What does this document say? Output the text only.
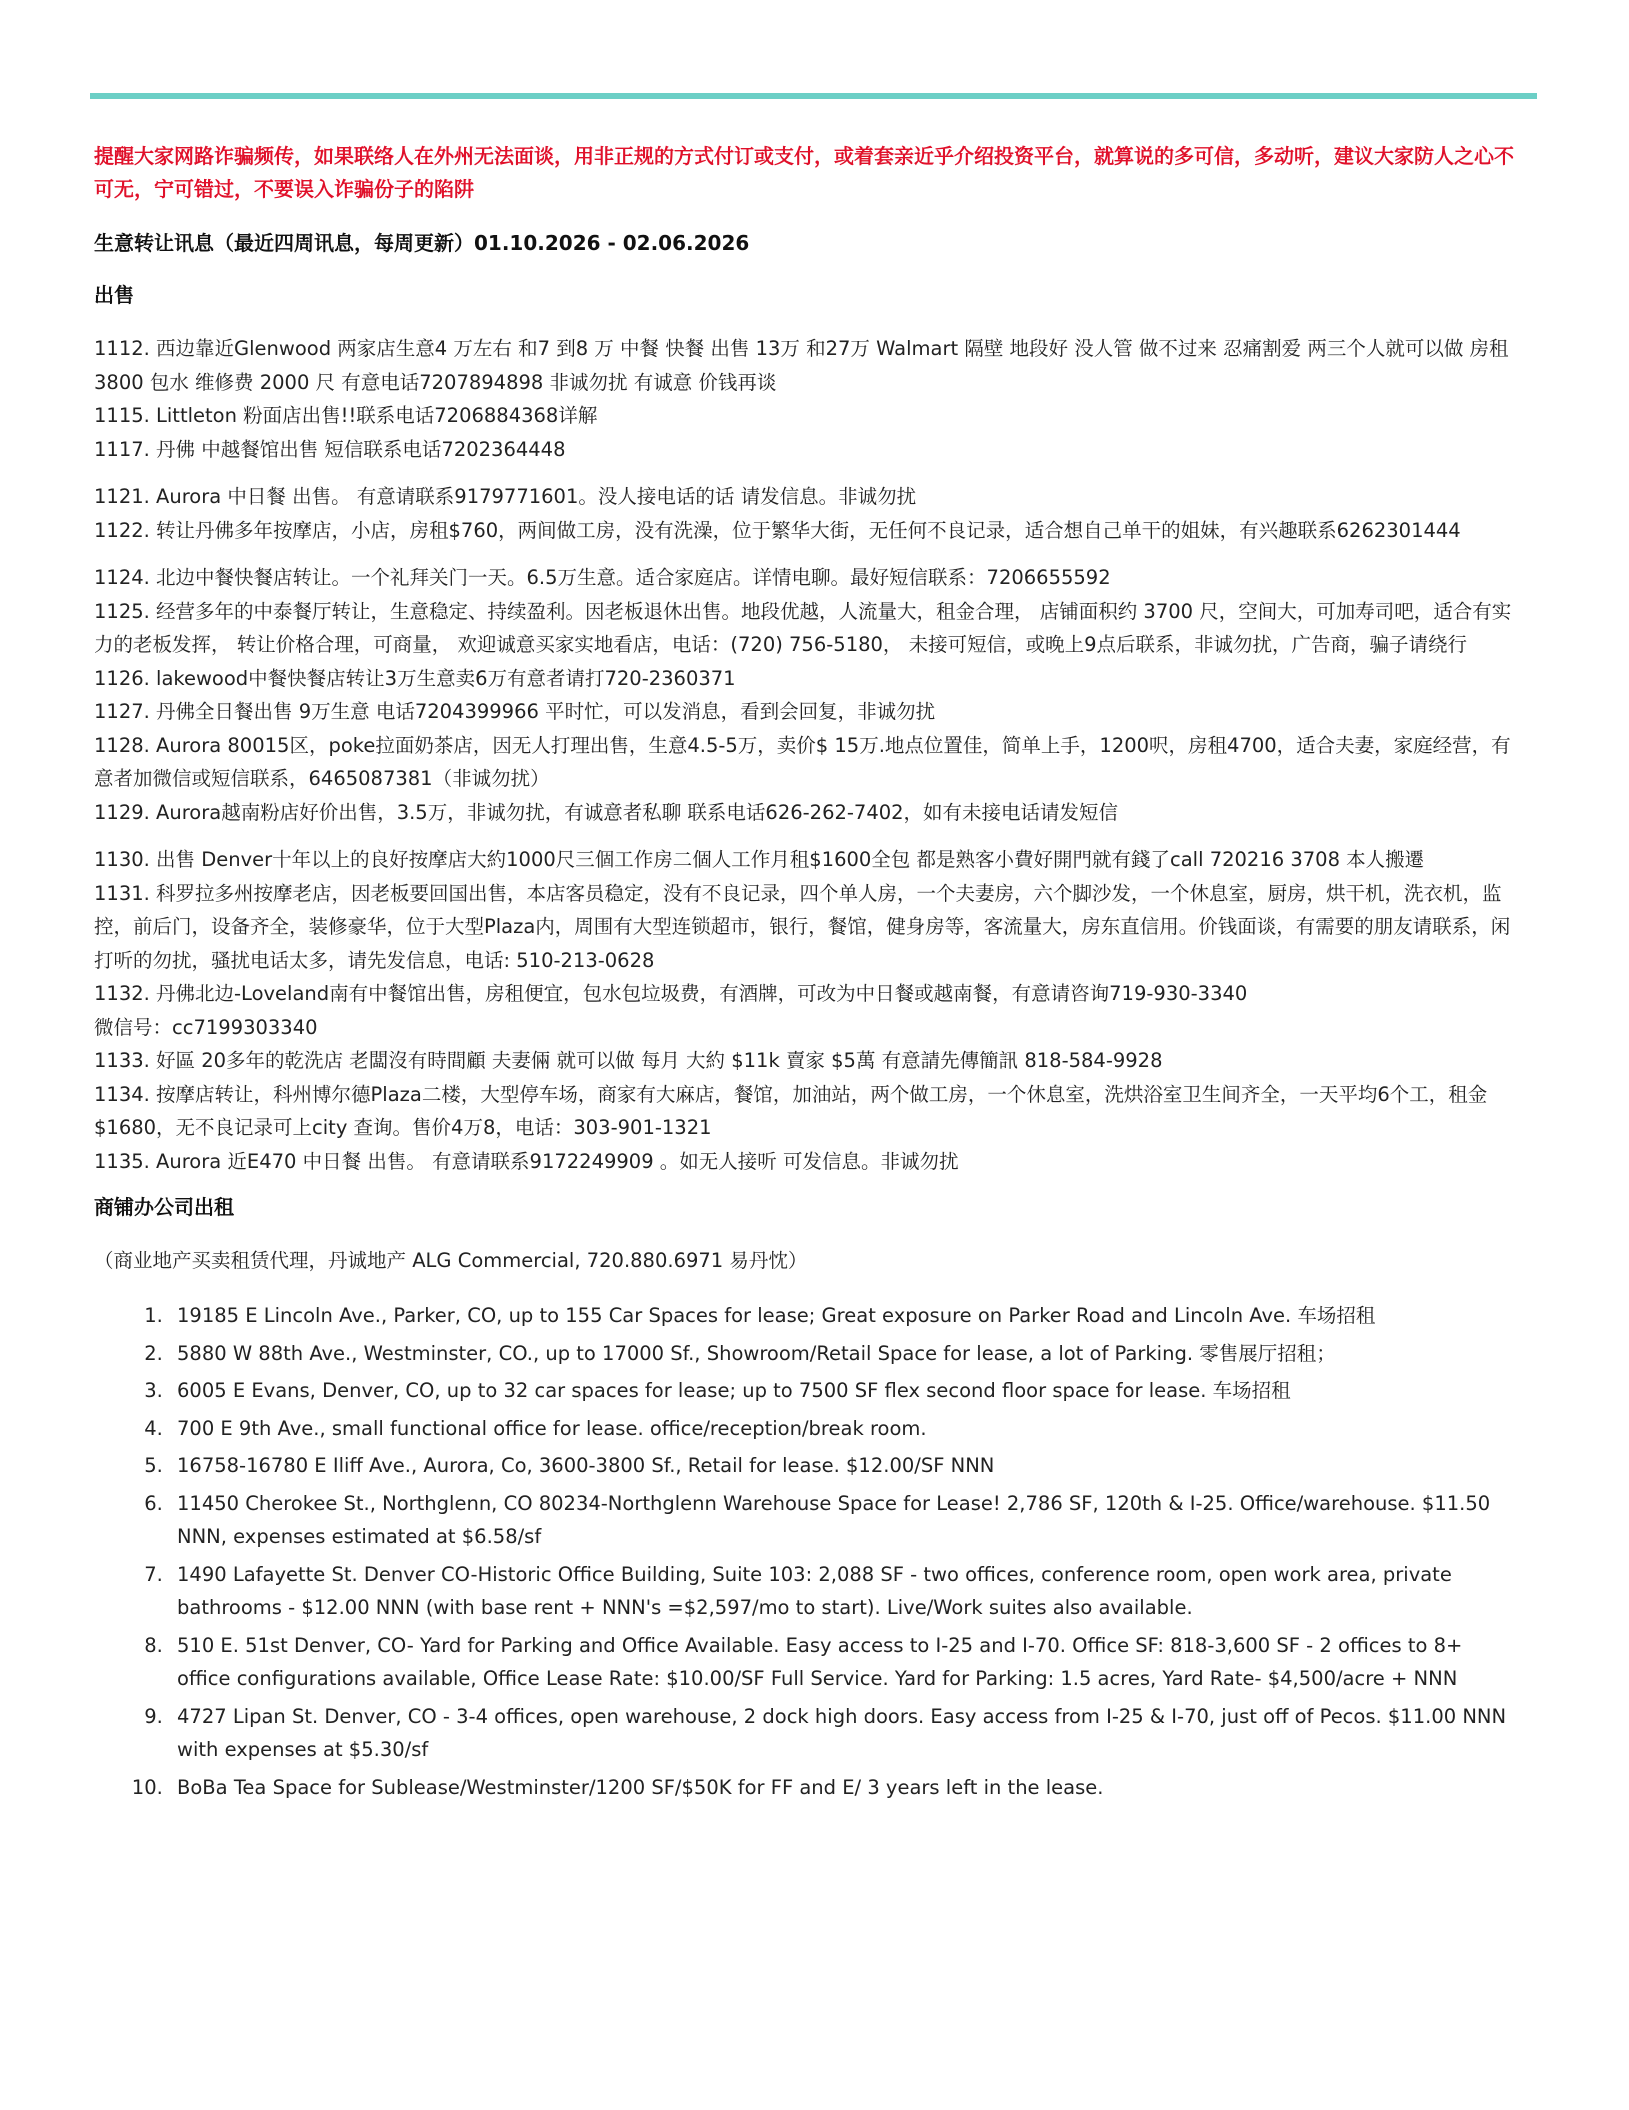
提醒大家网路诈骗频传，如果联络人在外州无法面谈，用非正规的方式付订或支付，或着套亲近乎介绍投资平台，就算说的多可信，多动听，建议大家防人之心不可无，宁可错过，不要误入诈骗份子的陷阱

生意转让讯息（最近四周讯息，每周更新）01.10.2026 - 02.06.2026

出售

1112. 西边靠近Glenwood 两家店生意4 万左右 和7 到8 万 中餐 快餐 出售 13万 和27万 Walmart 隔壁 地段好 没人管 做不过来 忍痛割爱 两三个人就可以做 房租3800 包水 维修费 2000 尺 有意电话7207894898 非诚勿扰 有诚意 价钱再谈

1115. Littleton 粉面店出售!!联系电话7206884368详解

1117. 丹佛 中越餐馆出售 短信联系电话7202364448

1121. Aurora 中日餐 出售。 有意请联系9179771601。没人接电话的话 请发信息。非诚勿扰

1122. 转让丹佛多年按摩店，小店，房租$760，两间做工房，没有洗澡，位于繁华大街，无任何不良记录，适合想自己单干的姐妹，有兴趣联系6262301444

1124. 北边中餐快餐店转让。一个礼拜关门一天。6.5万生意。适合家庭店。详情电聊。最好短信联系：7206655592

1125. 经营多年的中泰餐厅转让，生意稳定、持续盈利。因老板退休出售。地段优越，人流量大，租金合理， 店铺面积约 3700 尺，空间大，可加寿司吧，适合有实力的老板发挥， 转让价格合理，可商量， 欢迎诚意买家实地看店，电话：(720) 756-5180， 未接可短信，或晚上9点后联系，非诚勿扰，广告商，骗子请绕行

1126. lakewood中餐快餐店转让3万生意卖6万有意者请打720-2360371

1127. 丹佛全日餐出售 9万生意 电话7204399966 平时忙，可以发消息，看到会回复，非诚勿扰

1128. Aurora 80015区，poke拉面奶茶店，因无人打理出售，生意4.5-5万，卖价$ 15万.地点位置佳，简单上手，1200呎，房租4700，适合夫妻，家庭经营，有意者加微信或短信联系，6465087381（非诚勿扰）

1129. Aurora越南粉店好价出售，3.5万，非诚勿扰，有诚意者私聊 联系电话626-262-7402，如有未接电话请发短信

1130. 出售 Denver十年以上的良好按摩店大約1000尺三個工作房二個人工作月租$1600全包 都是熟客小費好開門就有錢了call 720216 3708 本人搬遷

1131. 科罗拉多州按摩老店，因老板要回国出售，本店客员稳定，没有不良记录，四个单人房，一个夫妻房，六个脚沙发，一个休息室，厨房，烘干机，洗衣机，监控，前后门，设备齐全，装修豪华，位于大型Plaza内，周围有大型连锁超市，银行，餐馆，健身房等，客流量大，房东直信用。价钱面谈，有需要的朋友请联系，闲打听的勿扰，骚扰电话太多，请先发信息，电话: 510-213-0628

1132. 丹佛北边-Loveland南有中餐馆出售，房租便宜，包水包垃圾费，有酒牌，可改为中日餐或越南餐，有意请咨询719-930-3340

微信号：cc7199303340

1133. 好區 20多年的乾洗店 老闆沒有時間顧 夫妻倆 就可以做 每月 大約 $11k 賣家 $5萬 有意請先傳簡訊 818-584-9928

1134. 按摩店转让，科州博尔德Plaza二楼，大型停车场，商家有大麻店，餐馆，加油站，两个做工房，一个休息室，洗烘浴室卫生间齐全，一天平均6个工，租金$1680，无不良记录可上city 查询。售价4万8，电话：303-901-1321

1135. Aurora 近E470 中日餐 出售。 有意请联系9172249909 。如无人接听 可发信息。非诚勿扰

商铺办公司出租

（商业地产买卖租赁代理，丹诚地产 ALG Commercial, 720.880.6971 易丹忱）

1. 19185 E Lincoln Ave., Parker, CO, up to 155 Car Spaces for lease; Great exposure on Parker Road and Lincoln Ave. 车场招租
2. 5880 W 88th Ave., Westminster, CO., up to 17000 Sf., Showroom/Retail Space for lease, a lot of Parking. 零售展厅招租；
3. 6005 E Evans, Denver, CO, up to 32 car spaces for lease; up to 7500 SF flex second floor space for lease. 车场招租
4. 700 E 9th Ave., small functional office for lease. office/reception/break room.
5. 16758-16780 E Iliff Ave., Aurora, Co, 3600-3800 Sf., Retail for lease. $12.00/SF NNN
6. 11450 Cherokee St., Northglenn, CO 80234-Northglenn Warehouse Space for Lease! 2,786 SF, 120th & I-25. Office/warehouse. $11.50 NNN, expenses estimated at $6.58/sf
7. 1490 Lafayette St. Denver CO-Historic Office Building, Suite 103: 2,088 SF - two offices, conference room, open work area, private bathrooms - $12.00 NNN (with base rent + NNN's =$2,597/mo to start). Live/Work suites also available.
8. 510 E. 51st Denver, CO- Yard for Parking and Office Available. Easy access to I-25 and I-70. Office SF: 818-3,600 SF - 2 offices to 8+ office configurations available, Office Lease Rate: $10.00/SF Full Service. Yard for Parking: 1.5 acres, Yard Rate- $4,500/acre + NNN
9. 4727 Lipan St. Denver, CO - 3-4 offices, open warehouse, 2 dock high doors. Easy access from I-25 & I-70, just off of Pecos. $11.00 NNN with expenses at $5.30/sf
10. BoBa Tea Space for Sublease/Westminster/1200 SF/$50K for FF and E/ 3 years left in the lease.
